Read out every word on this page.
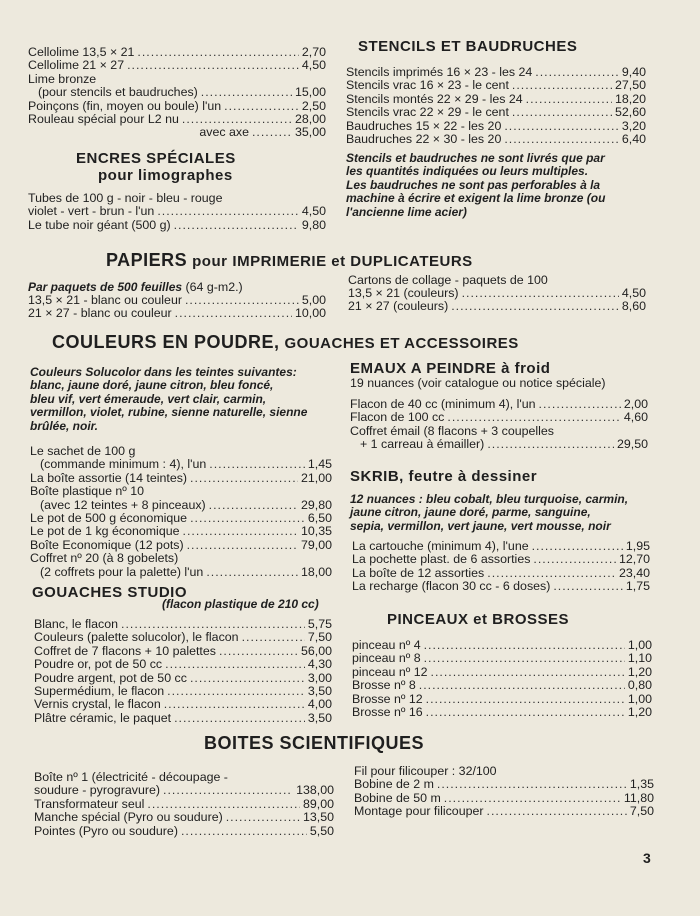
Cellolime 13,5 × 21 .....	2,70
Cellolime 21 × 27 .....	4,50
Lime bronze
(pour stencils et baudruches) .....	15,00
Poinçons (fin, moyen ou boule) l'un .....	2,50
Rouleau spécial pour L2 nu .....	28,00
avec axe .....	35,00
ENCRES SPÉCIALES
pour limographes
Tubes de 100 g - noir - bleu - rouge
violet - vert - brun - l'un .....	4,50
Le tube noir géant (500 g) .....	9,80
STENCILS ET BAUDRUCHES
Stencils imprimés 16 × 23 - les 24 .....	9,40
Stencils vrac 16 × 23 - le cent .....	27,50
Stencils montés 22 × 29 - les 24 .....	18,20
Stencils vrac 22 × 29 - le cent .....	52,60
Baudruches 15 × 22 - les 20 .....	3,20
Baudruches 22 × 30 - les 20 .....	6,40
Stencils et baudruches ne sont livrés que par
les quantités indiquées ou leurs multiples.
Les baudruches ne sont pas perforables à la
machine à écrire et exigent la lime bronze (ou
l'ancienne lime acier)
PAPIERS pour IMPRIMERIE et DUPLICATEURS
Par paquets de 500 feuilles (64 g-m2.)
13,5 × 21 - blanc ou couleur .....	5,00
21 × 27 - blanc ou couleur .....	10,00
Cartons de collage - paquets de 100
13,5 × 21 (couleurs) .....	4,50
21 × 27 (couleurs) .....	8,60
COULEURS EN POUDRE, GOUACHES ET ACCESSOIRES
Couleurs Solucolor dans les teintes suivantes:
blanc, jaune doré, jaune citron, bleu foncé,
bleu vif, vert émeraude, vert clair, carmin,
vermillon, violet, rubine, sienne naturelle, sienne
brûlée, noir.
Le sachet de 100 g
(commande minimum : 4), l'un .....	1,45
La boîte assortie (14 teintes) .....	21,00
Boîte plastique nº 10
(avec 12 teintes + 8 pinceaux) .....	29,80
Le pot de 500 g économique .....	6,50
Le pot de 1 kg économique .....	10,35
Boîte Economique (12 pots) .....	79,00
Coffret nº 20 (à 8 gobelets)
(2 coffrets pour la palette) l'un .....	18,00
GOUACHES STUDIO
(flacon plastique de 210 cc)
Blanc, le flacon .....	5,75
Couleurs (palette solucolor), le flacon .....	7,50
Coffret de 7 flacons + 10 palettes .....	56,00
Poudre or, pot de 50 cc .....	4,30
Poudre argent, pot de 50 cc .....	3,00
Supermédium, le flacon .....	3,50
Vernis crystal, le flacon .....	4,00
Plâtre céramic, le paquet .....	3,50
EMAUX A PEINDRE à froid
19 nuances (voir catalogue ou notice spéciale)
Flacon de 40 cc (minimum 4), l'un .....	2,00
Flacon de 100 cc .....	4,60
Coffret émail (8 flacons + 3 coupelles
+ 1 carreau à émailler) .....	29,50
SKRIB, feutre à dessiner
12 nuances : bleu cobalt, bleu turquoise, carmin,
jaune citron, jaune doré, parme, sanguine,
sepia, vermillon, vert jaune, vert mousse, noir
La cartouche (minimum 4), l'une .....	1,95
La pochette plast. de 6 assorties .....	12,70
La boîte de 12 assorties .....	23,40
La recharge (flacon 30 cc - 6 doses) .....	1,75
PINCEAUX et BROSSES
pinceau nº 4 .....	1,00
pinceau nº 8 .....	1,10
pinceau nº 12 .....	1,20
Brosse nº 8 .....	0,80
Brosse nº 12 .....	1,00
Brosse nº 16 .....	1,20
BOITES SCIENTIFIQUES
Boîte nº 1 (électricité - découpage -
soudure - pyrogravure) .....	138,00
Transformateur seul .....	89,00
Manche spécial (Pyro ou soudure) .....	13,50
Pointes (Pyro ou soudure) .....	5,50
Fil pour filicouper : 32/100
Bobine de 2 m .....	1,35
Bobine de 50 m .....	11,80
Montage pour filicouper .....	7,50
3
